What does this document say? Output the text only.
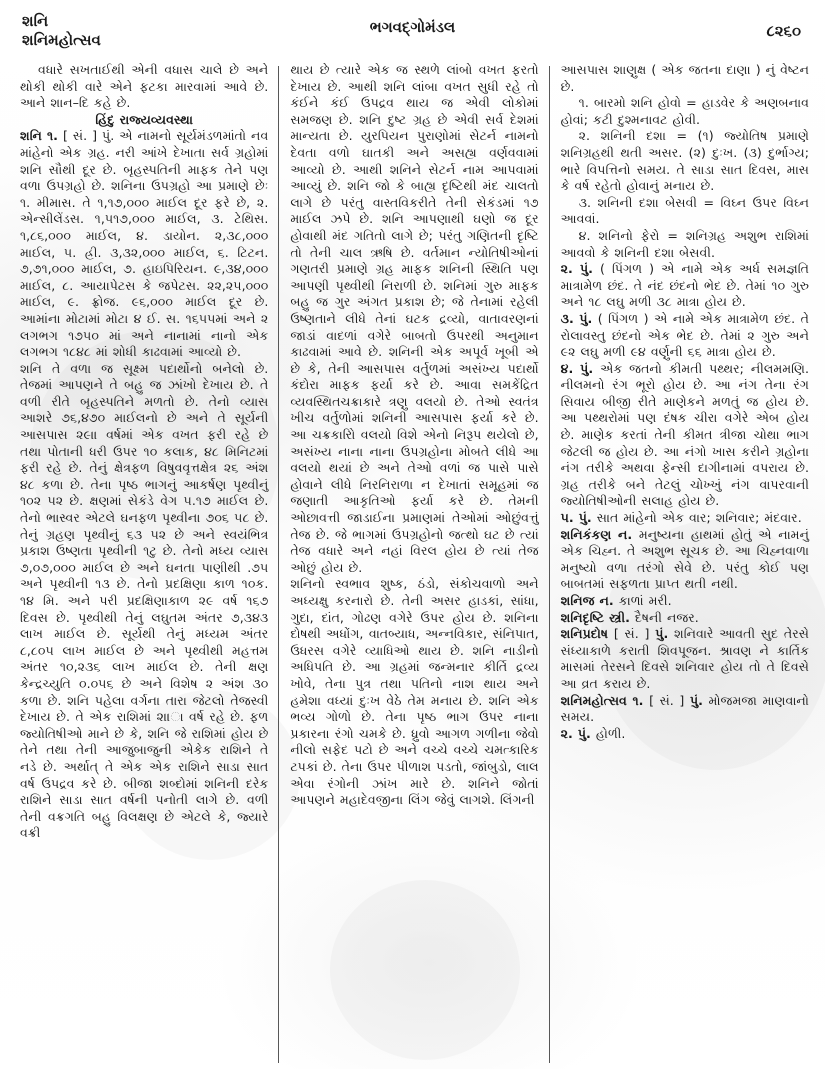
શનિ
શનિમહોત્સવ
ભગવદ્ગોમંડલ	૮૨૬૦

વધારે સખતાઈથી એની વધાસ ચાલે છે અને થોકી થોકી વારે એને ફટકા મારવામાં આવે છે. આને શાન–દિ કહે છે.

હિંદુ રાજ્યવ્યવસ્થા

શનિ ૧. [ સં. ] પું. એ નામનો સૂર્યમંડળમાંતો નવ માંહેનો એક ગ્રહ. નરી આંખે દેખાતા સર્વ ગ્રહોમાં શનિ સૌથી દૂર છે. બૃહસ્પતિની માફક તેને પણ વળા ઉપગ્રહો છે. શનિના ઉપગ્રહો આ પ્રમાણે છેઃ ૧. મીમાસ. તે ૧,૧૭,૦૦૦ માઈલ દૂર ફરે છે, ૨. એન્સીલેંડસ. ૧,૫૧૭,૦૦૦ માઈલ, ૩. ટેથિસ. ૧,૮૬,૦૦૦ માઈલ, ૪. ડાયોન. ૨,૩૮,૦૦૦ માઈલ, ૫. હ્રી. ૩,૩૨,૦૦૦ માઈલ, ૬. ટિટન. ૭,૭૧,૦૦૦ માઈલ, ૭. હાઇપિરિયન. ૯,૩૪,૦૦૦ માઈલ, ૮. આયાપેટસ કે જપેટસ. ૨૨,૨૫,૦૦૦ માઈલ, ૯. ફ્રોજ. ૯૬,૦૦૦ માઈલ દૂર છે. આમાંના મોટામાં મોટા ૪ ઈ. સ. ૧૬૫૫માં અને ૨ લગભગ ૧૭૫૦ માં અને નાનામાં નાનો એક લગભગ ૧૮૪૮ માં શોધી કાઢવામાં આવ્યો છે.

શનિ તે વળા જ સૂક્ષ્મ પદાર્થોનો બનેલો છે. તેજમાં આપણને તે બહુ જ ઝાંખો દેખાય છે. તે વળી રીતે બૃહસ્પતિને મળતો છે. તેનો વ્યાસ આશરે ૭૬,૪૭૦ માઈલનો છે અને તે સૂર્યની આસપાસ ૨૯॥ વર્ષમાં એક વખત ફરી રહે છે તથા પોતાની ધરી ઉપર ૧૦ કલાક, ૪૮ મિનિટમાં ફરી રહે છે. તેનું ક્ષેત્રફળ વિષુવવૃત્તક્ષેત્ર ૨૬ અંશ ૪૮ કળા છે. તેના પૃષ્ઠ ભાગનું આકર્ષણ પૃથ્વીનું ૧૦૨ ૫૨ છે. ક્ષણમાં સેકંડે વેગ ૫.૧૭ માઈલ છે. તેનો ભાસ્વર એટલે ઘનફળ પૃથ્વીના ૭૦૬ ૫૮ છે. તેનું ગ્રહણ પૃથ્વીનું ૬૩ ૫૨ છે અને સ્વયંભિત્ર પ્રકાશ ઉષ્ણતા પૃથ્વીની ૧ટુ છે. તેનો મધ્ય વ્યાસ ૭,૦૭,૦૦૦ માઈલ છે અને ઘનતા પાણીથી .૭૫ અને પૃથ્વીની ૧૩ છે. તેનો પ્રદક્ષિણા કાળ ૧૦ક. ૧૪ મિ. અને પરી પ્રદક્ષિણાકાળ ૨૯ વર્ષ ૧૬૭ દિવસ છે. પૃથ્વીથી તેનું લઘુતમ અંતર ૭,૩૪૩ લાખ માઈલ છે. સૂર્યથી તેનું મધ્યમ અંતર ૮,૮૦૫ લાખ માઈલ છે અને પૃથ્વીથી મહત્તમ અંતર ૧૦,૨૩૬ લાખ માઈલ છે. તેની ક્ષણ કેન્દ્રચ્યુતિ ૦.૦૫૬ છે અને વિશેષ ૨ અંશ ૩૦ કળા છે. શનિ પહેલા વર્ગના તારા જેટલો તેજસ્વી દેખાય છે. તે એક રાશિમાં ૨॥ા વર્ષ રહે છે. ફળ જ્યોતિષીઓ માને છે કે, શનિ જે રાશિમાં હોય છે તેને તથા તેની આજુબાજુની એકેક રાશિને તે નડે છે. અર્થાત્ તે એક એક રાશિને સાડા સાત વર્ષ ઉપદ્રવ કરે છે. બીજા શબ્દોમાં શનિની દરેક રાશિને સાડા સાત વર્ષની પનોતી લાગે છે. વળી તેની વક્રગતિ બહુ વિલક્ષણ છે એટલે કે, જ્યારે વક્રી

થાય છે ત્યારે એક જ સ્થળે લાંબો વખત ફરતો દેખાય છે. આથી શનિ લાંબા વખત સુધી રહે તો કંઈને કંઈ ઉપદ્રવ થાય જ એવી લોકોમાં સમજણ છે. શનિ દુષ્ટ ગ્રહ છે એવી સર્વ દેશમાં માન્યતા છે. યુરપિયન પુરાણોમાં સેટર્ન નામનો દેવતા વળો ઘાતકી અને અસહ્ય વર્ણવવામાં આવ્યો છે. આથી શનિને સેટર્ન નામ આપવામાં આવ્યું છે. શનિ જો કે બાહ્ય દૃષ્ટિથી મંદ ચાલતો લાગે છે પરંતુ વાસ્તવિકરીતે તેની સેકંડમાં ૧૭ માઈલ ઝપે છે. શનિ આપણાથી ઘણો જ દૂર હોવાથી મંદ ગતિતો લાગે છે; પરંતુ ગણિતની દૃષ્ટિ તો તેની ચાલ ઋષિ છે. વર્તમાન ન્યોતિષીઓનાં ગણતરી પ્રમાણે ગ્રહ માફક શનિની સ્થિતિ પણ આપણી પૃથ્વીથી નિરાળી છે. શનિમાં ગુરુ માફક બહુ જ ગુર અંગત પ્રકાશ છે; જે તેનામાં રહેલી ઉષ્ણતાને લીધે તેનાં ઘટક દ્રવ્યો, વાતાવરણનાં જાડાં વાદળાં વગેરે બાબતો ઉપરથી અનુમાન કાઢવામાં આવે છે. શનિની એક અપૂર્વ ખૂબી એ છે કે, તેની આસપાસ વર્તુળમાં અસંખ્ય પદાર્થો કંદોરા માફક ફર્યા કરે છે. આવા સમકેંદ્રિત વ્યવસ્થિતચક્રાકારે ત્રણુ વલયો છે. તેઓ સ્વતંત્ર ખીચ વર્તુળોમાં શનિની આસપાસ ફર્યા કરે છે. આ ચક્રકારોિ વલયો વિશે એનો નિરૂપ થયેલો છે, અસંખ્ય નાના નાના ઉપગ્રહોના મોબતે લીધે આ વલયો થયાં છે અને તેઓ વળાં જ પાસે પાસે હોવાને લીધે નિરનિરાળા ન દેખાતાં સમૂહમાં જ જણાતી આકૃતિઓ ફર્યા કરે છે. તેમની ઓછાવત્તી જાડાઈના પ્રમાણમાં તેઓમાં ઓછુંવત્તું તેજ છે. જે ભાગમાં ઉપગ્રહોનો જત્થો ઘટ છે ત્યાં તેજ વધારે અને નહાં વિરલ હોય છે ત્યાં તેજ ઓછું હોય છે.

શનિનો સ્વભાવ શુષ્ક, ઠંડો, સંકોચવાળો અને અધ્યક્ષુ કરનારો છે. તેની અસર હાડકાં, સાંધા, ગુદા, દાંત, ગોઢણ વગેરે ઉપર હોય છે. શનિના દોષથી અધોંગ, વાતબ્યાધ, અન્નવિકાર, સંનિપાત, ઉધરસ વગેરે વ્યાધિઓ થાય છે. શનિ નાડીનો અધિપતિ છે. આ ગ્રહમાં જન્મનાર કીર્તિ દ્રવ્ય ખોવે, તેના પુત્ર તથા પતિનો નાશ થાય અને હમેશા વધ્યાં દુઃખ વેઠે તેમ મનાય છે. શનિ એક ભવ્ય ગોળો છે. તેના પૃષ્ઠ ભાગ ઉપર નાના પ્રકારના રંગો ચમકે છે. ધ્રુવો આગળ ગળીના જેવો નીલો સફેદ પટો છે અને વચ્ચે વચ્ચે ચમત્કારિક ટપકાં છે. તેના ઉપર પીળાશ પડતો, જાંબુડો, લાલ એવા રંગોની ઝાંખ મારે છે. શનિને જોતાં આપણને મહાદેવજીના લિંગ જેવું લાગશે. લિંગની

આસપાસ શાણુક્ષ ( એક જતના દાણા ) નું વેષ્ટન છે.

૧. બારમો શનિ હોવો = હાડવેર કે અણબનાવ હોવાં; કટી દુશ્મનાવટ હોવી.

૨. શનિની દશા = (૧) જ્યોતિષ પ્રમાણે શનિગ્રહથી થતી અસર. (૨) દુઃખ. (૩) દુર્ભાગ્ય; ભારે વિપત્તિનો સમય. તે સાડા સાત દિવસ, માસ કે વર્ષ રહેતો હોવાનું મનાય છે.

૩. શનિની દશા બેસવી = વિઘ્ન ઉપર વિઘ્ન આવવાં.

૪. શનિનો ફેરો = શનિગ્રહ અશુભ રાશિમાં આવવો કે શનિની દશા બેસવી.

૨. પું. ( પિંગળ ) એ નામે એક અર્ધ સમજ્ઞતિ માત્રામેળ છંદ. તે નંદ છંદનો ભેદ છે. તેમાં ૧૦ ગુરુ અને ૧૮ લઘુ મળી ૩૮ માત્રા હોય છે.

૩. પું. ( પિંગળ ) એ નામે એક માત્રામેળ છંદ. તે રોલાવસ્તુ છંદનો એક ભેદ છે. તેમાં ૨ ગુરુ અને ૯૨ લઘુ મળી ૯૪ વર્ણુની ૬૬ માત્રા હોય છે.

૪. પું. એક જતનો કીમતી પથ્થર; નીલમમણિ. નીલમનો રંગ ભૂરો હોય છે. આ નંગ તેના રંગ સિવાય બીજી રીતે માણેકને મળતું જ હોય છે. આ પથ્થરોમાં પણ દંષક ચીરા વગેરે એબ હોય છે. માણેક કરતાં તેની કીમત ત્રીજા ચોથા ભાગ જેટલી જ હોય છે. આ નંગો ખાસ કરીને ગ્રહોના નંગ તરીકે અથવા ફેન્સી દાગીનામાં વપરાય છે. ગ્રહ તરીકે બને તેટલું ચોખ્ખું નંગ વાપરવાની જ્યોતિષીઓની સલાહ હોય છે.

૫. પું. સાત માંહેનો એક વાર; શનિવાર; મંદવાર.

શનિકંકણ ન. મનુષ્યના હાથમાં હોતું એ નામનું એક ચિહ્ન. તે અશુભ સૂચક છે. આ ચિહ્નવાળા મનુષ્યો વળા તરંગો સેવે છે. પરંતુ કોઈ પણ બાબતમાં સફળતા પ્રાપ્ત થતી નથી.

શનિજ ન. કાળાં મરી.

શનિદૃષ્ટિ સ્ત્રી. દૈષની નજર.

શનિપ્રદોષ [ સં. ] પું. શનિવારે આવતી સુદ તેરસે સંધ્યાકાળે કરાતી શિવપૂજન. શ્રાવણ ને કાર્તિક માસમાં તેરસને દિવસે શનિવાર હોય તો તે દિવસે આ વ્રત કરાય છે.

શનિમહોત્સવ ૧. [ સં. ] પું. મોજમજા માણવાનો સમય.

૨. પું. હોળી.
